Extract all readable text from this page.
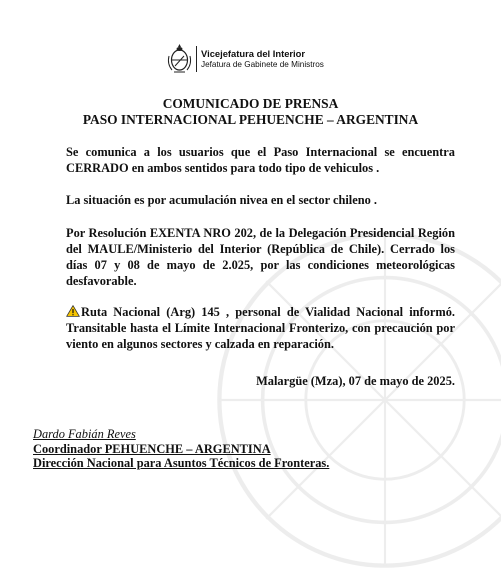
Vicejefatura del Interior
Jefatura de Gabinete de Ministros
COMUNICADO DE PRENSA
PASO INTERNACIONAL PEHUENCHE – ARGENTINA
Se comunica a los usuarios que el Paso Internacional se encuentra CERRADO en ambos sentidos para todo tipo de vehiculos .
La situación es por acumulación nivea en el sector chileno .
Por Resolución EXENTA NRO 202, de la Delegación Presidencial Región del MAULE/Ministerio del Interior (República de Chile). Cerrado los días 07 y 08 de mayo de 2.025, por las condiciones meteorológicas desfavorable.
Ruta Nacional (Arg) 145 , personal de Vialidad Nacional informó. Transitable hasta el Límite Internacional Fronterizo, con precaución por viento en algunos sectores y calzada en reparación.
Malargüe (Mza), 07 de mayo de 2025.
Dardo Fabián Reves
Coordinador PEHUENCHE – ARGENTINA
Dirección Nacional para Asuntos Técnicos de Fronteras.
